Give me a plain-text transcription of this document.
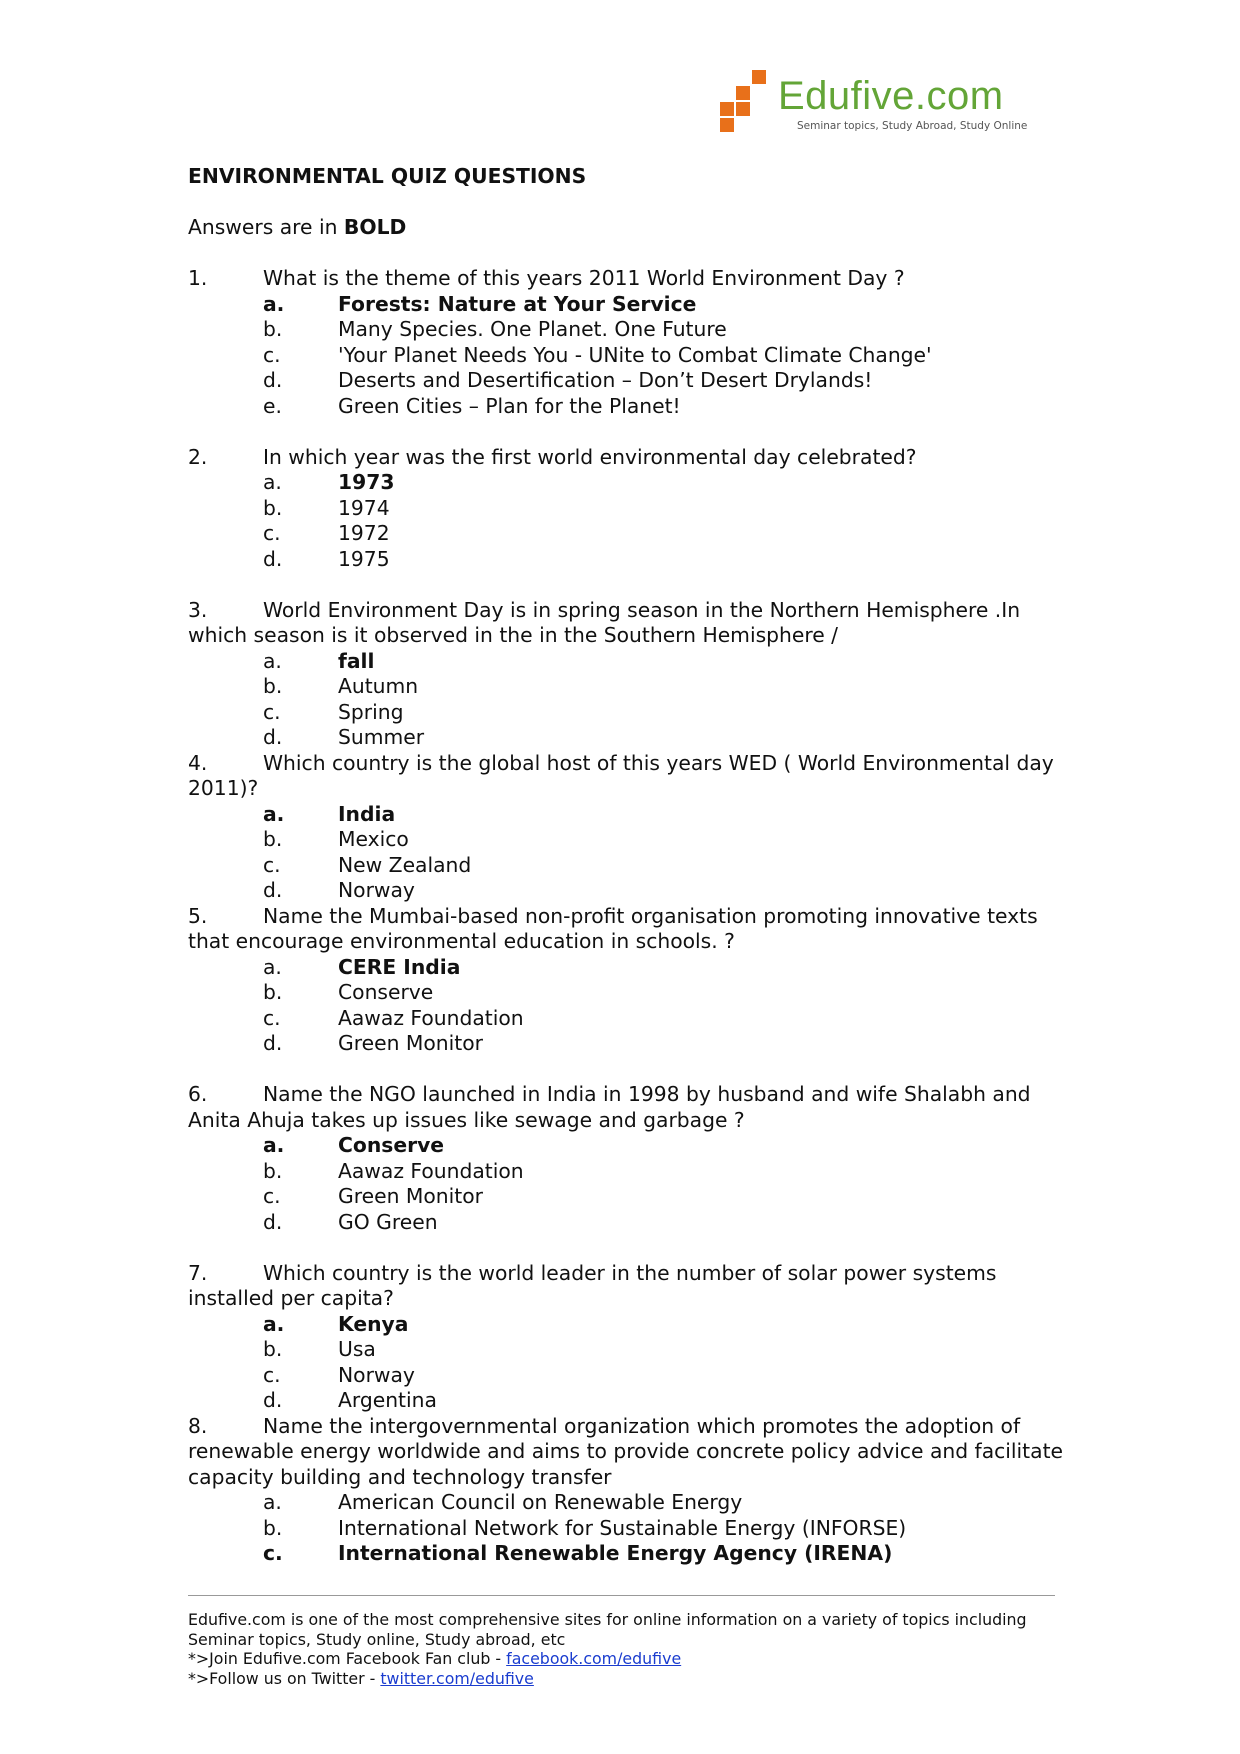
Edufive.com
Seminar topics, Study Abroad, Study Online

ENVIRONMENTAL QUIZ QUESTIONS

Answers are in BOLD

1.	What is the theme of this years 2011 World Environment Day ?

a.	Forests: Nature at Your Service
b.	Many Species. One Planet. One Future
c.	'Your Planet Needs You - UNite to Combat Climate Change'
d.	Deserts and Desertification – Don’t Desert Drylands!
e.	Green Cities – Plan for the Planet!

2.	In which year was the first world environmental day celebrated?

a.	1973
b.	1974
c.	1972
d.	1975

3.	World Environment Day is in spring season in the Northern Hemisphere .In which season is it observed in the in the Southern Hemisphere /

a.	fall
b.	Autumn
c.	Spring
d.	Summer

4.	Which country is the global host of this years WED ( World Environmental day 2011)?

a.	India
b.	Mexico
c.	New Zealand
d.	Norway

5.	Name the Mumbai-based non-profit organisation promoting innovative texts that encourage environmental education in schools. ?

a.	CERE India
b.	Conserve
c.	Aawaz Foundation
d.	Green Monitor

6.	Name the NGO launched in India in 1998 by husband and wife Shalabh and Anita Ahuja takes up issues like sewage and garbage ?

a.	Conserve
b.	Aawaz Foundation
c.	Green Monitor
d.	GO Green

7.	Which country is the world leader in the number of solar power systems installed per capita?

a.	Kenya
b.	Usa
c.	Norway
d.	Argentina

8.	Name the intergovernmental organization which promotes the adoption of renewable energy worldwide and aims to provide concrete policy advice and facilitate capacity building and technology transfer

a.	American Council on Renewable Energy
b.	International Network for Sustainable Energy (INFORSE)
c.	International Renewable Energy Agency (IRENA)
Edufive.com is one of the most comprehensive sites for online information on a variety of topics including Seminar topics, Study online, Study abroad, etc
*>Join Edufive.com Facebook Fan club - facebook.com/edufive
*>Follow us on Twitter - twitter.com/edufive
